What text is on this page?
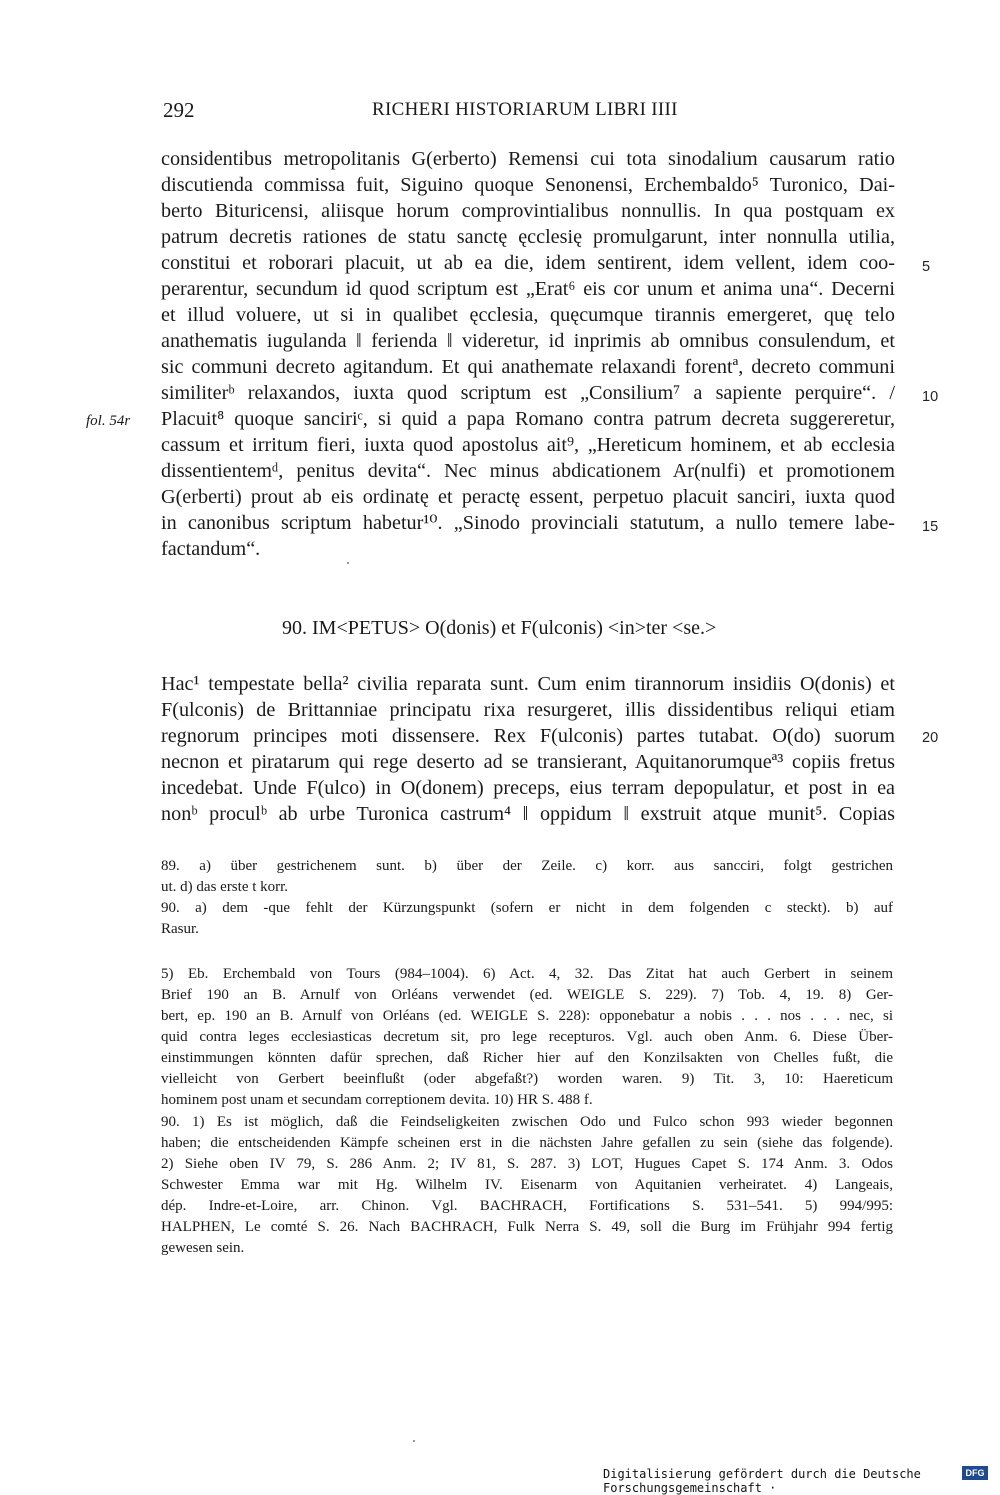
292	RICHERI HISTORIARUM LIBRI IIII
fol. 54r
considentibus metropolitanis G(erberto) Remensi cui tota sinodalium causarum ratio
discutienda commissa fuit, Siguino quoque Senonensi, Erchembaldo⁵ Turonico, Dai-
berto Bituricensi, aliisque horum comprovintialibus nonnullis. In qua postquam ex
patrum decretis rationes de statu sanctę ęcclesię promulgarunt, inter nonnulla utilia,
constitui et roborari placuit, ut ab ea die, idem sentirent, idem vellent, idem coo-
perarentur, secundum id quod scriptum est „Erat⁶ eis cor unum et anima una“. Decerni
et illud voluere, ut si in qualibet ęcclesia, quęcumque tirannis emergeret, quę telo
anathematis iugulanda ‖ ferienda ‖ videretur, id inprimis ab omnibus consulendum, et
sic communi decreto agitandum. Et qui anathemate relaxandi forentª, decreto communi
similiterᵇ relaxandos, iuxta quod scriptum est „Consilium⁷ a sapiente perquire“. /
Placuit⁸ quoque sanciriᶜ, si quid a papa Romano contra patrum decreta suggereretur,
cassum et irritum fieri, iuxta quod apostolus ait⁹, „Hereticum hominem, et ab ecclesia
dissentientemᵈ, penitus devita“. Nec minus abdicationem Ar(nulfi) et promotionem
G(erberti) prout ab eis ordinatę et peractę essent, perpetuo placuit sanciri, iuxta quod
in canonibus scriptum habetur¹⁰. „Sinodo provinciali statutum, a nullo temere labe-
factandum“.
5
10
15
90. IM<PETUS> O(donis) et F(ulconis) <in>ter <se.>
Hac¹ tempestate bella² civilia reparata sunt. Cum enim tirannorum insidiis O(donis) et
F(ulconis) de Brittanniae principatu rixa resurgeret, illis dissidentibus reliqui etiam
regnorum principes moti dissensere. Rex F(ulconis) partes tutabat. O(do) suorum
necnon et piratarum qui rege deserto ad se transierant, Aquitanorumqueª³ copiis fretus
incedebat. Unde F(ulco) in O(donem) preceps, eius terram depopulatur, et post in ea
nonᵇ proculᵇ ab urbe Turonica castrum⁴ ‖ oppidum ‖ exstruit atque munit⁵. Copias
20
89. a) über gestrichenem sunt. b) über der Zeile. c) korr. aus sancciri, folgt gestrichen
ut. d) das erste t korr.
90. a) dem -que fehlt der Kürzungspunkt (sofern er nicht in dem folgenden c steckt). b) auf
Rasur.
5) Eb. Erchembald von Tours (984–1004). 6) Act. 4, 32. Das Zitat hat auch Gerbert in seinem
Brief 190 an B. Arnulf von Orléans verwendet (ed. WEIGLE S. 229). 7) Tob. 4, 19. 8) Ger-
bert, ep. 190 an B. Arnulf von Orléans (ed. WEIGLE S. 228): opponebatur a nobis . . . nos . . . nec, si
quid contra leges ecclesiasticas decretum sit, pro lege recepturos. Vgl. auch oben Anm. 6. Diese Über-
einstimmungen könnten dafür sprechen, daß Richer hier auf den Konzilsakten von Chelles fußt, die
vielleicht von Gerbert beeinflußt (oder abgefaßt?) worden waren. 9) Tit. 3, 10: Haereticum
hominem post unam et secundam correptionem devita. 10) HR S. 488 f.
90. 1) Es ist möglich, daß die Feindseligkeiten zwischen Odo und Fulco schon 993 wieder begonnen
haben; die entscheidenden Kämpfe scheinen erst in die nächsten Jahre gefallen zu sein (siehe das folgende).
2) Siehe oben IV 79, S. 286 Anm. 2; IV 81, S. 287. 3) LOT, Hugues Capet S. 174 Anm. 3. Odos
Schwester Emma war mit Hg. Wilhelm IV. Eisenarm von Aquitanien verheiratet. 4) Langeais,
dép. Indre-et-Loire, arr. Chinon. Vgl. BACHRACH, Fortifications S. 531–541. 5) 994/995:
HALPHEN, Le comté S. 26. Nach BACHRACH, Fulk Nerra S. 49, soll die Burg im Frühjahr 994 fertig
gewesen sein.
Digitalisierung gefördert durch die Deutsche Forschungsgemeinschaft ·
DFG
